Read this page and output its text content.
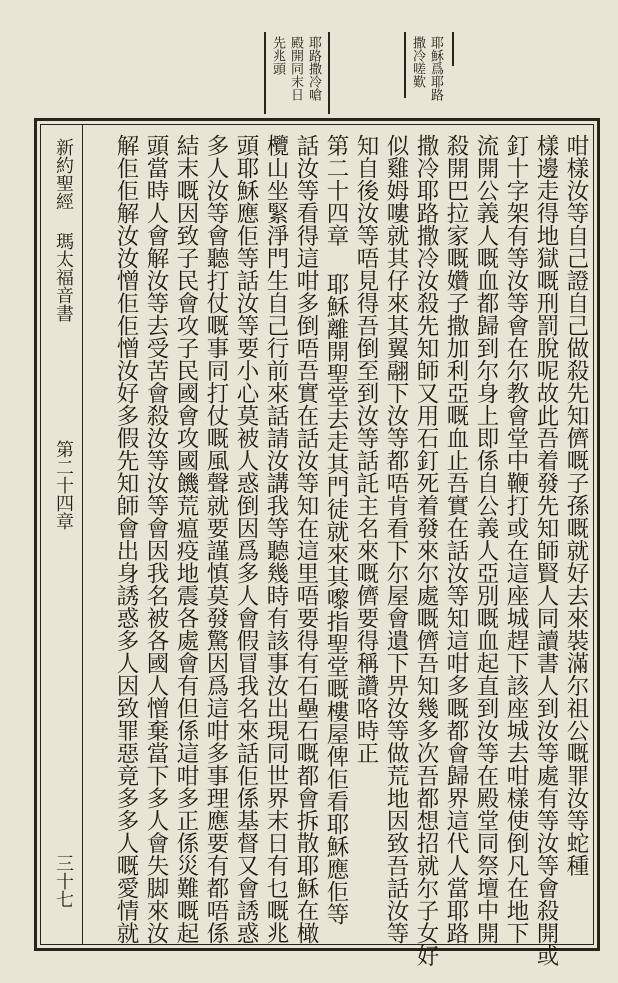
耶穌爲耶路
撒冷嗟歎
耶路撒冷嗆
殿開同末日
先兆頭
新約聖經
瑪太福音書
第二十四章
三十七
咁樣汝等自己證自己做殺先知儕嘅子孫嘅就好去來裝滿尔祖公嘅罪汝等蛇種
樣邊走得地獄嘅刑罰脫呢故此吾着發先知師賢人同讀書人到汝等處有等汝等會殺開或
釘十字架有等汝等會在尔教會堂中鞭打或在這座城趕下該座城去咁樣使倒凡在地下
流開公義人嘅血都歸到尔身上即係自公義人亞別嘅血起直到汝等在殿堂同祭壇中開
殺開巴拉家嘅㜺子撒加利亞嘅血止吾實在話汝等知這咁多嘅都會歸界這代人當耶路
撒冷耶路撒冷汝殺先知師又用石釘死着發來尔處嘅儕吾知幾多次吾都想招就尔子女好
似雞姆嘍就其仔來其翼翮下汝等都唔肯看下尔屋會遺下畀汝等做荒地因致吾話汝等
知自後汝等唔見得吾倒至到汝等話託主名來嘅儕要得稱讚咯時正
第二十四章 耶穌離開聖堂去走其門徒就來其嚟指聖堂嘅樓屋俾佢看耶穌應佢等
話汝等看得這咁多倒唔吾實在話汝等知在這里唔要得有石壘石嘅都會拆散耶穌在橄
欖山坐緊淨門生自己行前來話請汝講我等聽幾時有該事汝出現同世界末日有乜嘅兆
頭耶穌應佢等話汝等要小心莫被人惑倒因爲多人會假冒我名來話佢係基督又會誘惑
多人汝等會聽打仗嘅事同打仗嘅風聲就要謹慎莫發驚因爲這咁多事理應要有都唔係
結末嘅因致子民會攻子民國會攻國饑荒瘟疫地震各處會有但係這咁多正係災難嘅起
頭當時人會解汝等去受苦會殺汝等汝等會因我名被各國人憎棄當下多人會失脚來汝
解佢佢解汝汝憎佢佢憎汝好多假先知師會出身誘惑多人因致罪惡竟多多人嘅愛情就
